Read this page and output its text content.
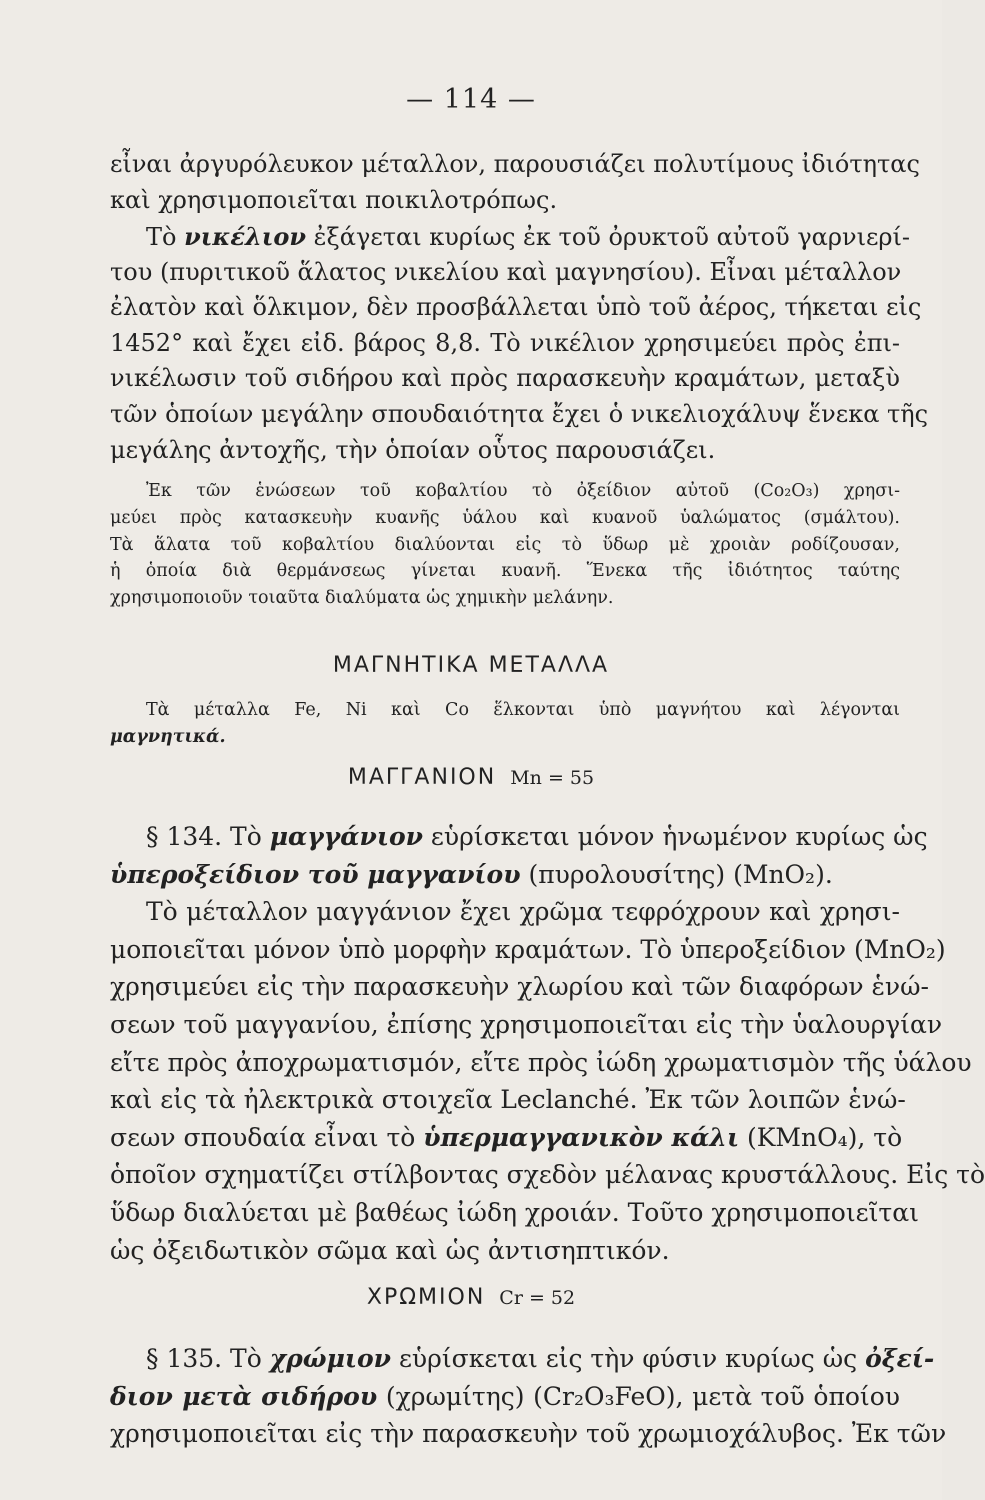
— 114 —
εἶναι ἀργυρόλευκον μέταλλον, παρουσιάζει πολυτίμους ἰδιότητας
καὶ χρησιμοποιεῖται ποικιλοτρόπως.
Τὸ νικέλιον ἐξάγεται κυρίως ἐκ τοῦ ὀρυκτοῦ αὐτοῦ γαρνιερί-
του (πυριτικοῦ ἅλατος νικελίου καὶ μαγνησίου). Εἶναι μέταλλον
ἐλατὸν καὶ ὅλκιμον, δὲν προσβάλλεται ὑπὸ τοῦ ἀέρος, τήκεται εἰς
1452° καὶ ἔχει εἰδ. βάρος 8,8. Τὸ νικέλιον χρησιμεύει πρὸς ἐπι-
νικέλωσιν τοῦ σιδήρου καὶ πρὸς παρασκευὴν κραμάτων, μεταξὺ
τῶν ὁποίων μεγάλην σπουδαιότητα ἔχει ὁ νικελιοχάλυψ ἕνεκα τῆς
μεγάλης ἀντοχῆς, τὴν ὁποίαν οὗτος παρουσιάζει.
Ἐκ τῶν ἑνώσεων τοῦ κοβαλτίου τὸ ὀξείδιον αὐτοῦ (Co₂O₃) χρησι-
μεύει πρὸς κατασκευὴν κυανῆς ὑάλου καὶ κυανοῦ ὑαλώματος (σμάλτου).
Τὰ ἅλατα τοῦ κοβαλτίου διαλύονται εἰς τὸ ὕδωρ μὲ χροιὰν ροδίζουσαν,
ἡ ὁποία διὰ θερμάνσεως γίνεται κυανῆ. Ἕνεκα τῆς ἰδιότητος ταύτης
χρησιμοποιοῦν τοιαῦτα διαλύματα ὡς χημικὴν μελάνην.
ΜΑΓΝΗΤΙΚΑ ΜΕΤΑΛΛΑ
Τὰ μέταλλα Fe, Ni καὶ Co ἕλκονται ὑπὸ μαγνήτου καὶ λέγονται
μαγνητικά.
ΜΑΓΓΑΝΙΟΝ Mn = 55
§ 134. Τὸ μαγγάνιον εὑρίσκεται μόνον ἡνωμένον κυρίως ὡς
ὑπεροξείδιον τοῦ μαγγανίου (πυρολουσίτης) (MnO₂).
Τὸ μέταλλον μαγγάνιον ἔχει χρῶμα τεφρόχρουν καὶ χρησι-
μοποιεῖται μόνον ὑπὸ μορφὴν κραμάτων. Τὸ ὑπεροξείδιον (MnO₂)
χρησιμεύει εἰς τὴν παρασκευὴν χλωρίου καὶ τῶν διαφόρων ἑνώ-
σεων τοῦ μαγγανίου, ἐπίσης χρησιμοποιεῖται εἰς τὴν ὑαλουργίαν
εἴτε πρὸς ἀποχρωματισμόν, εἴτε πρὸς ἰώδη χρωματισμὸν τῆς ὑάλου
καὶ εἰς τὰ ἠλεκτρικὰ στοιχεῖα Leclanché. Ἐκ τῶν λοιπῶν ἑνώ-
σεων σπουδαία εἶναι τὸ ὑπερμαγγανικὸν κάλι (KMnO₄), τὸ
ὁποῖον σχηματίζει στίλβοντας σχεδὸν μέλανας κρυστάλλους. Εἰς τὸ
ὕδωρ διαλύεται μὲ βαθέως ἰώδη χροιάν. Τοῦτο χρησιμοποιεῖται
ὡς ὀξειδωτικὸν σῶμα καὶ ὡς ἀντισηπτικόν.
ΧΡΩΜΙΟΝ Cr = 52
§ 135. Τὸ χρώμιον εὑρίσκεται εἰς τὴν φύσιν κυρίως ὡς ὀξεί-
διον μετὰ σιδήρου (χρωμίτης) (Cr₂O₃FeO), μετὰ τοῦ ὁποίου
χρησιμοποιεῖται εἰς τὴν παρασκευὴν τοῦ χρωμιοχάλυβος. Ἐκ τῶν
